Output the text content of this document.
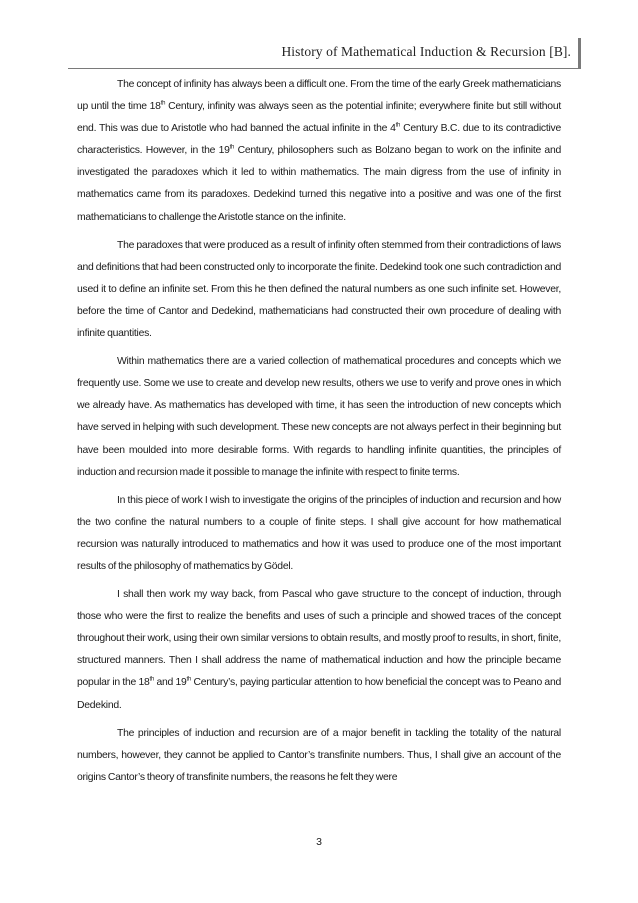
History of Mathematical Induction & Recursion [B].

The concept of infinity has always been a difficult one. From the time of the early Greek mathematicians up until the time 18th Century, infinity was always seen as the potential infinite; everywhere finite but still without end. This was due to Aristotle who had banned the actual infinite in the 4th Century B.C. due to its contradictive characteristics. However, in the 19th Century, philosophers such as Bolzano began to work on the infinite and investigated the paradoxes which it led to within mathematics. The main digress from the use of infinity in mathematics came from its paradoxes. Dedekind turned this negative into a positive and was one of the first mathematicians to challenge the Aristotle stance on the infinite.

The paradoxes that were produced as a result of infinity often stemmed from their contradictions of laws and definitions that had been constructed only to incorporate the finite. Dedekind took one such contradiction and used it to define an infinite set. From this he then defined the natural numbers as one such infinite set. However, before the time of Cantor and Dedekind, mathematicians had constructed their own procedure of dealing with infinite quantities.

Within mathematics there are a varied collection of mathematical procedures and concepts which we frequently use. Some we use to create and develop new results, others we use to verify and prove ones in which we already have. As mathematics has developed with time, it has seen the introduction of new concepts which have served in helping with such development. These new concepts are not always perfect in their beginning but have been moulded into more desirable forms. With regards to handling infinite quantities, the principles of induction and recursion made it possible to manage the infinite with respect to finite terms.

In this piece of work I wish to investigate the origins of the principles of induction and recursion and how the two confine the natural numbers to a couple of finite steps. I shall give account for how mathematical recursion was naturally introduced to mathematics and how it was used to produce one of the most important results of the philosophy of mathematics by Gödel.

I shall then work my way back, from Pascal who gave structure to the concept of induction, through those who were the first to realize the benefits and uses of such a principle and showed traces of the concept throughout their work, using their own similar versions to obtain results, and mostly proof to results, in short, finite, structured manners. Then I shall address the name of mathematical induction and how the principle became popular in the 18th and 19th Century’s, paying particular attention to how beneficial the concept was to Peano and Dedekind.

The principles of induction and recursion are of a major benefit in tackling the totality of the natural numbers, however, they cannot be applied to Cantor’s transfinite numbers. Thus, I shall give an account of the origins Cantor’s theory of transfinite numbers, the reasons he felt they were

3
